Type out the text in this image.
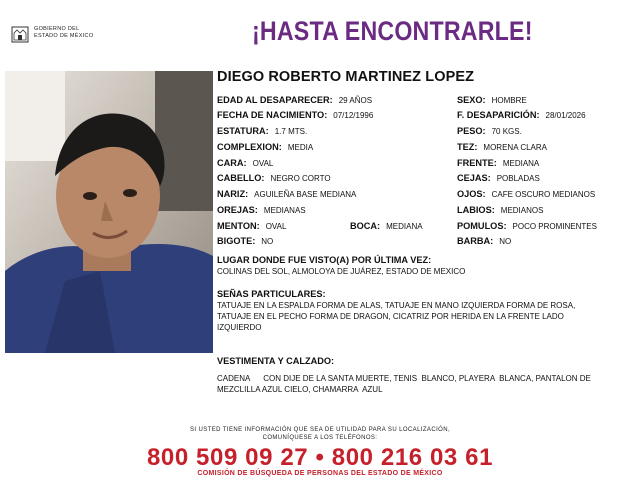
GOBIERNO DEL
ESTADO DE MÉXICO	¡HASTA ENCONTRARLE!
DIEGO ROBERTO MARTINEZ LOPEZ
EDAD AL DESAPARECER: 29 AÑOS
FECHA DE NACIMIENTO: 07/12/1996
ESTATURA: 1.7 MTS.
COMPLEXION: MEDIA
CARA: OVAL
CABELLO: NEGRO CORTO
NARIZ: AGUILEÑA BASE MEDIANA
OREJAS: MEDIANAS
MENTON: OVAL	BOCA: MEDIANA
BIGOTE: NO
SEXO: HOMBRE
F. DESAPARICIÓN: 28/01/2026
PESO: 70 KGS.
TEZ: MORENA CLARA
FRENTE: MEDIANA
CEJAS: POBLADAS
OJOS: CAFE OSCURO MEDIANOS
LABIOS: MEDIANOS
POMULOS: POCO PROMINENTES
BARBA: NO
LUGAR DONDE FUE VISTO(A) POR ÚLTIMA VEZ:
COLINAS DEL SOL, ALMOLOYA DE JUÁREZ, ESTADO DE MEXICO
SEÑAS PARTICULARES:
TATUAJE EN LA ESPALDA FORMA DE ALAS, TATUAJE EN MANO IZQUIERDA FORMA DE ROSA, TATUAJE EN EL PECHO FORMA DE DRAGON, CICATRIZ POR HERIDA EN LA FRENTE LADO IZQUIERDO
VESTIMENTA Y CALZADO:
CADENA      CON DIJE DE LA SANTA MUERTE, TENIS  BLANCO, PLAYERA  BLANCA, PANTALON DE MEZCLILLA AZUL CIELO, CHAMARRA  AZUL
SI USTED TIENE INFORMACIÓN QUE SEA DE UTILIDAD PARA SU LOCALIZACIÓN,
COMUNÍQUESE A LOS TELÉFONOS:
800 509 09 27 • 800 216 03 61
COMISIÓN DE BÚSQUEDA DE PERSONAS DEL ESTADO DE MÉXICO
